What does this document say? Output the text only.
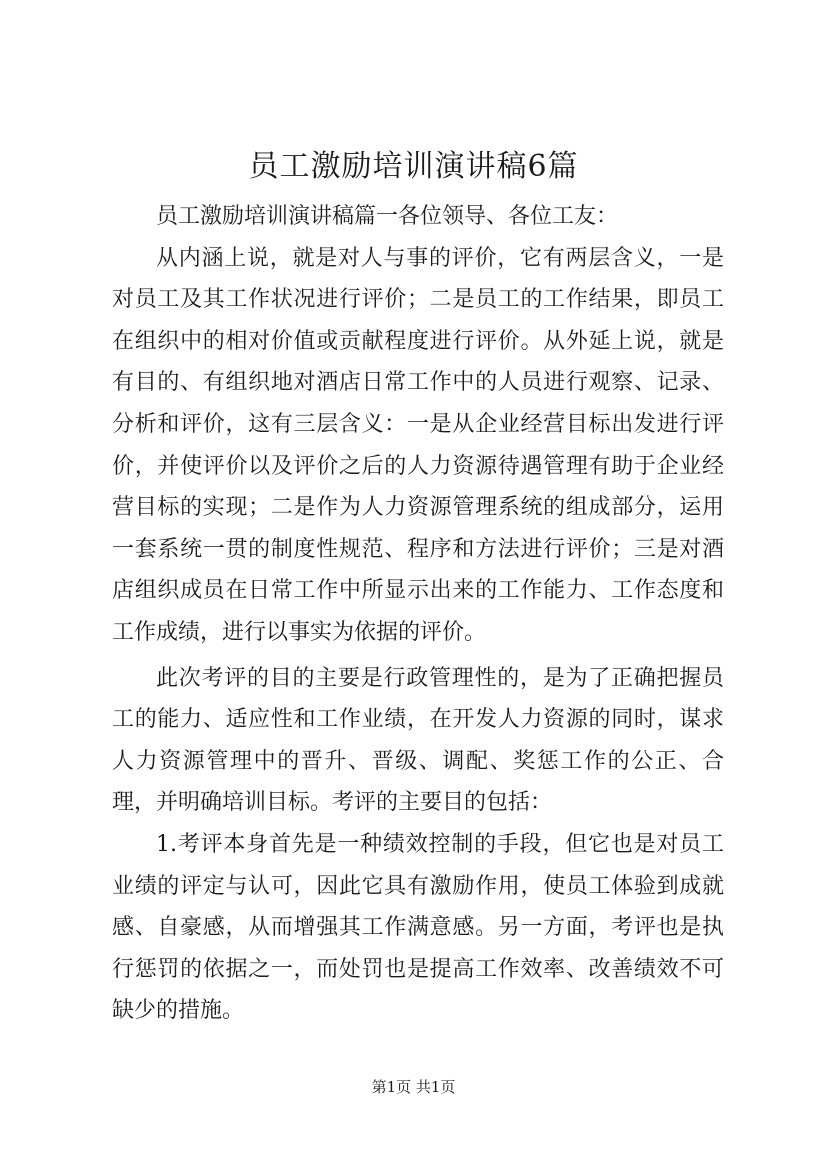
员工激励培训演讲稿6篇

员工激励培训演讲稿篇一各位领导、各位工友：

从内涵上说，就是对人与事的评价，它有两层含义，一是对员工及其工作状况进行评价；二是员工的工作结果，即员工在组织中的相对价值或贡献程度进行评价。从外延上说，就是有目的、有组织地对酒店日常工作中的人员进行观察、记录、分析和评价，这有三层含义：一是从企业经营目标出发进行评价，并使评价以及评价之后的人力资源待遇管理有助于企业经营目标的实现；二是作为人力资源管理系统的组成部分，运用一套系统一贯的制度性规范、程序和方法进行评价；三是对酒店组织成员在日常工作中所显示出来的工作能力、工作态度和工作成绩，进行以事实为依据的评价。

此次考评的目的主要是行政管理性的，是为了正确把握员工的能力、适应性和工作业绩，在开发人力资源的同时，谋求人力资源管理中的晋升、晋级、调配、奖惩工作的公正、合理，并明确培训目标。考评的主要目的包括：

1.考评本身首先是一种绩效控制的手段，但它也是对员工业绩的评定与认可，因此它具有激励作用，使员工体验到成就感、自豪感，从而增强其工作满意感。另一方面，考评也是执行惩罚的依据之一，而处罚也是提高工作效率、改善绩效不可缺少的措施。

第1页 共1页
